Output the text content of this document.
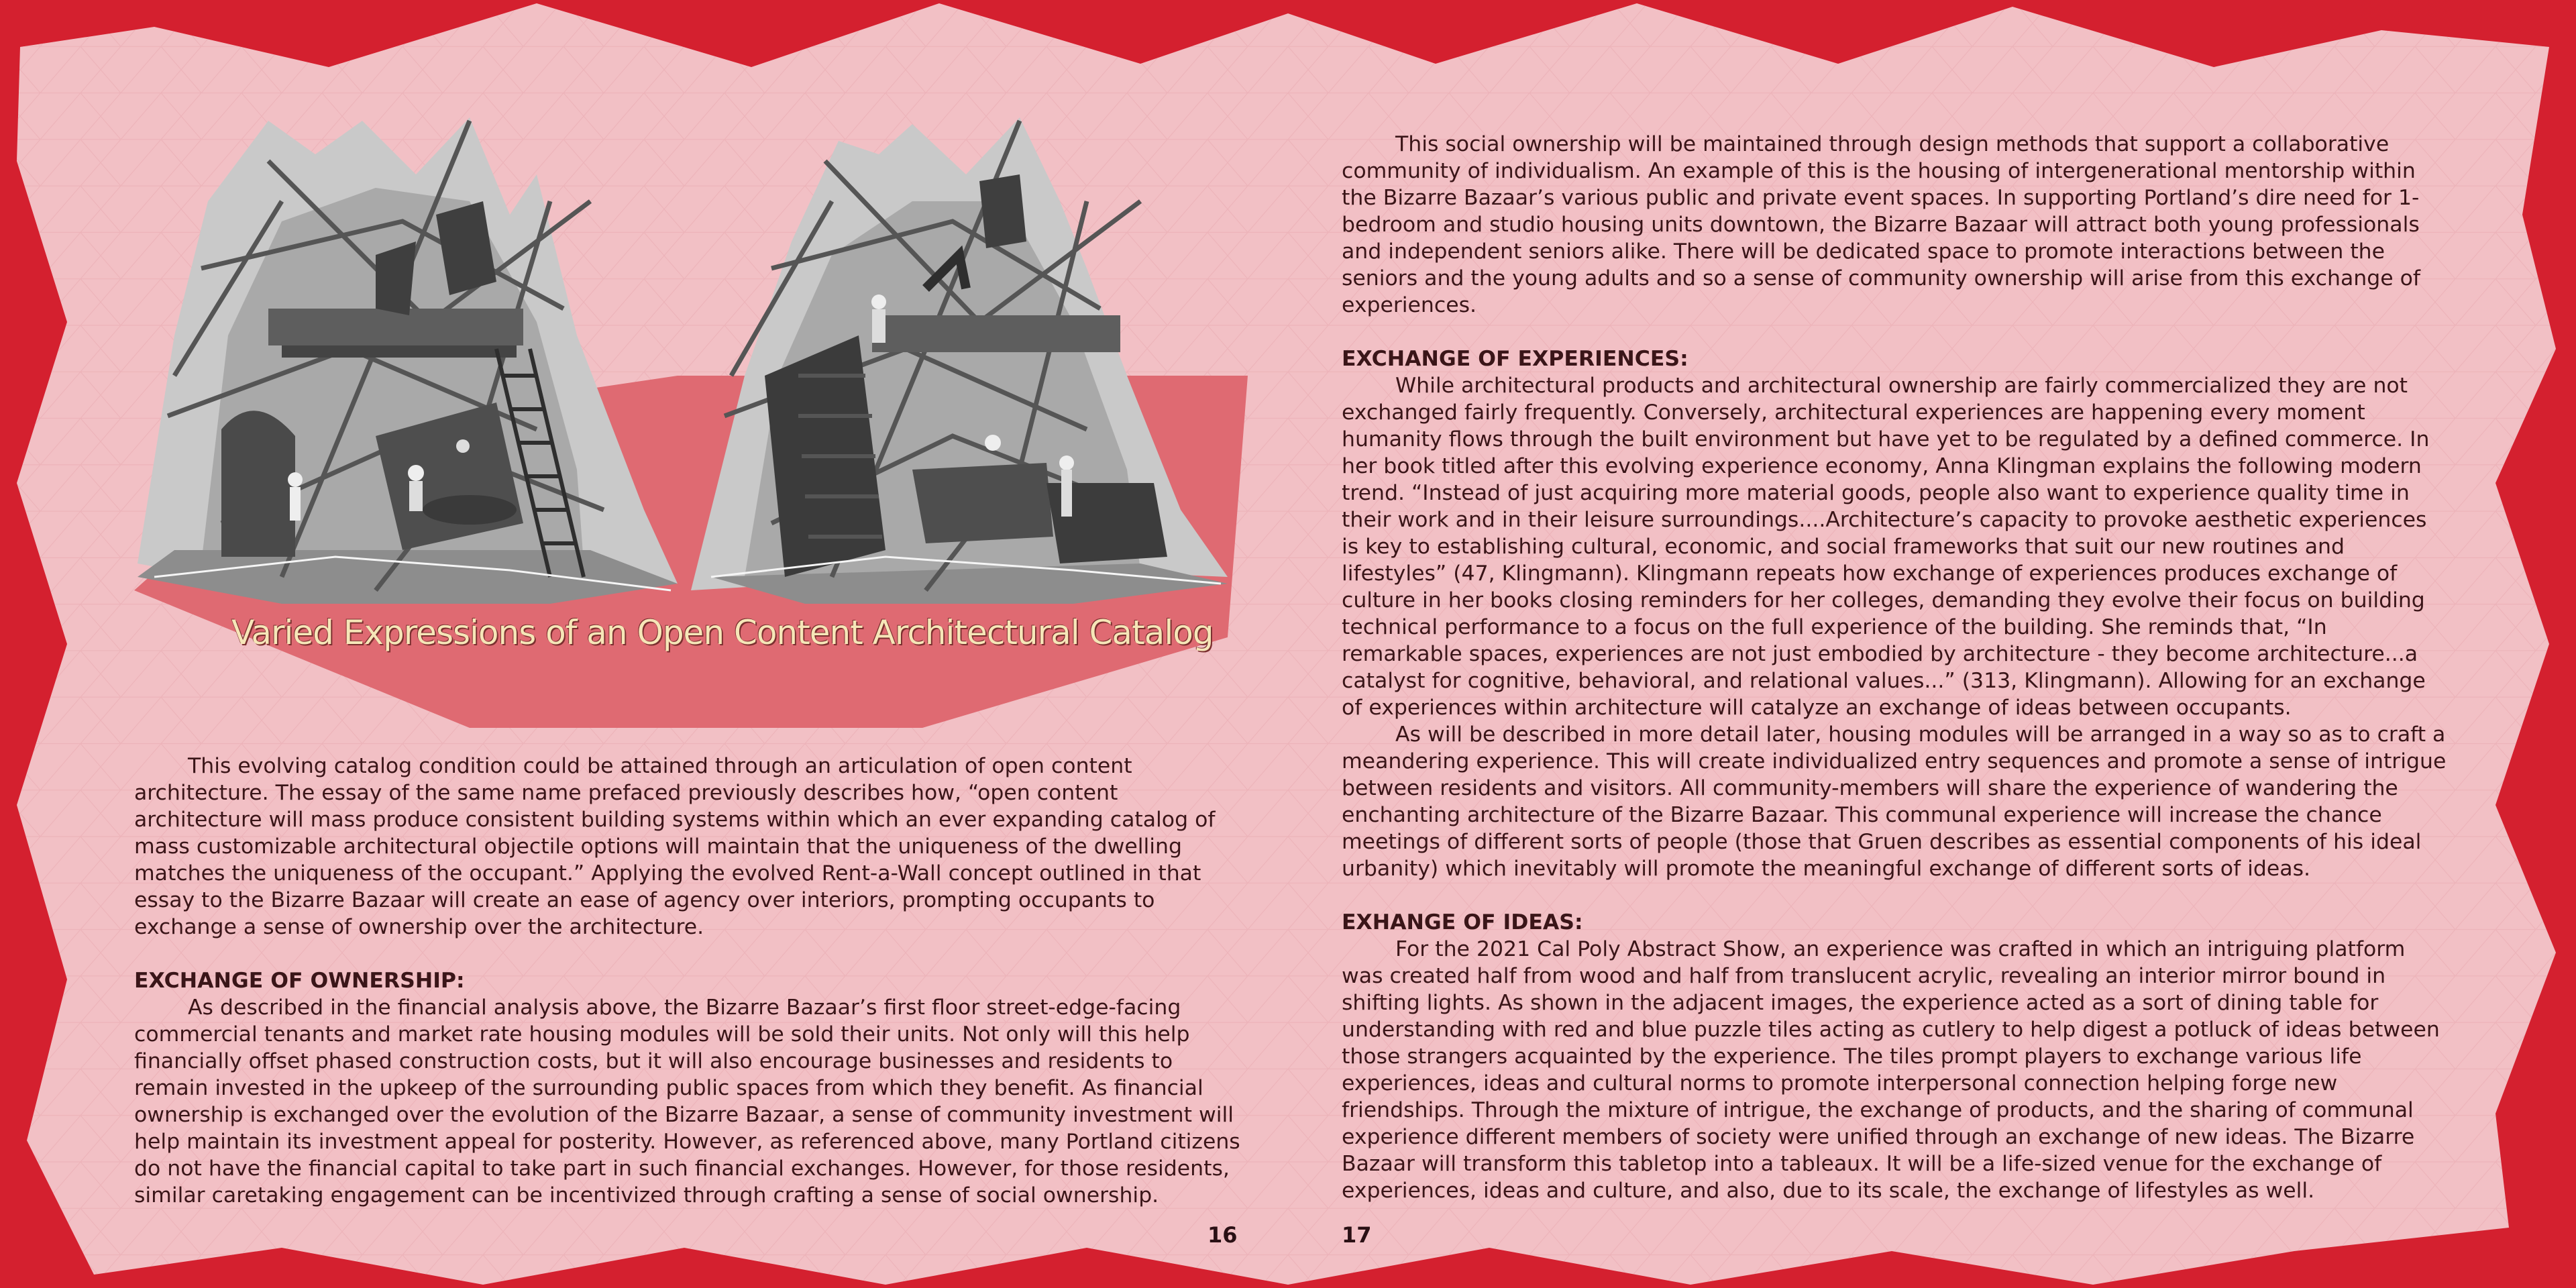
Varied Expressions of an Open Content Architectural Catalog

This evolving catalog condition could be attained through an articulation of open content architecture. The essay of the same name prefaced previously describes how, “open content architecture will mass produce consistent building systems within which an ever expanding catalog of mass customizable architectural objectile options will maintain that the uniqueness of the dwelling matches the uniqueness of the occupant.” Applying the evolved Rent-a-Wall concept outlined in that essay to the Bizarre Bazaar will create an ease of agency over interiors, prompting occupants to exchange a sense of ownership over the architecture.

EXCHANGE OF OWNERSHIP:

As described in the financial analysis above, the Bizarre Bazaar’s first floor street-edge-facing commercial tenants and market rate housing modules will be sold their units. Not only will this help financially offset phased construction costs, but it will also encourage businesses and residents to remain invested in the upkeep of the surrounding public spaces from which they benefit. As financial ownership is exchanged over the evolution of the Bizarre Bazaar, a sense of community investment will help maintain its investment appeal for posterity. However, as referenced above, many Portland citizens do not have the financial capital to take part in such financial exchanges. However, for those residents, similar caretaking engagement can be incentivized through crafting a sense of social ownership.

16

This social ownership will be maintained through design methods that support a collaborative community of individualism. An example of this is the housing of intergenerational mentorship within the Bizarre Bazaar’s various public and private event spaces. In supporting Portland’s dire need for 1-bedroom and studio housing units downtown, the Bizarre Bazaar will attract both young professionals and independent seniors alike. There will be dedicated space to promote interactions between the seniors and the young adults and so a sense of community ownership will arise from this exchange of experiences.

EXCHANGE OF EXPERIENCES:

While architectural products and architectural ownership are fairly commercialized they are not exchanged fairly frequently. Conversely, architectural experiences are happening every moment humanity flows through the built environment but have yet to be regulated by a defined commerce. In her book titled after this evolving experience economy, Anna Klingman explains the following modern trend. “Instead of just acquiring more material goods, people also want to experience quality time in their work and in their leisure surroundings....Architecture’s capacity to provoke aesthetic experiences is key to establishing cultural, economic, and social frameworks that suit our new routines and lifestyles” (47, Klingmann). Klingmann repeats how exchange of experiences produces exchange of culture in her books closing reminders for her colleges, demanding they evolve their focus on building technical performance to a focus on the full experience of the building. She reminds that, “In remarkable spaces, experiences are not just embodied by architecture - they become architecture...a catalyst for cognitive, behavioral, and relational values...” (313, Klingmann). Allowing for an exchange of experiences within architecture will catalyze an exchange of ideas between occupants.

As will be described in more detail later, housing modules will be arranged in a way so as to craft a meandering experience. This will create individualized entry sequences and promote a sense of intrigue between residents and visitors. All community-members will share the experience of wandering the enchanting architecture of the Bizarre Bazaar. This communal experience will increase the chance meetings of different sorts of people (those that Gruen describes as essential components of his ideal urbanity) which inevitably will promote the meaningful exchange of different sorts of ideas.

EXHANGE OF IDEAS:

For the 2021 Cal Poly Abstract Show, an experience was crafted in which an intriguing platform was created half from wood and half from translucent acrylic, revealing an interior mirror bound in shifting lights. As shown in the adjacent images, the experience acted as a sort of dining table for understanding with red and blue puzzle tiles acting as cutlery to help digest a potluck of ideas between those strangers acquainted by the experience. The tiles prompt players to exchange various life experiences, ideas and cultural norms to promote interpersonal connection helping forge new friendships. Through the mixture of intrigue, the exchange of products, and the sharing of communal experience different members of society were unified through an exchange of new ideas. The Bizarre Bazaar will transform this tabletop into a tableaux. It will be a life-sized venue for the exchange of experiences, ideas and culture, and also, due to its scale, the exchange of lifestyles as well.

17
